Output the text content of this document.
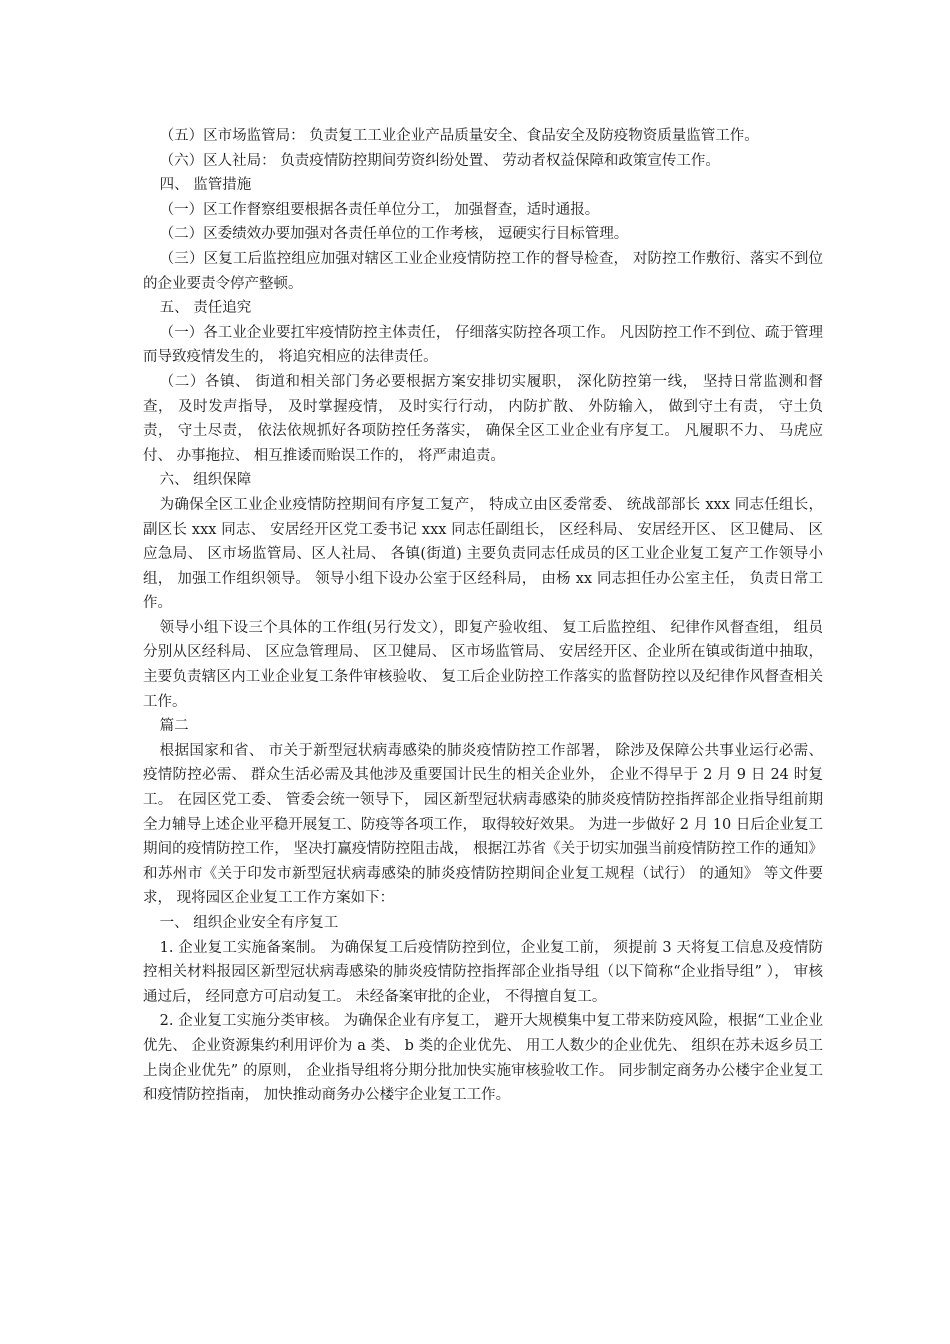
（五）区市场监管局： 负责复工工业企业产品质量安全、食品安全及防疫物资质量监管工作。

（六）区人社局： 负责疫情防控期间劳资纠纷处置、 劳动者权益保障和政策宣传工作。

四、 监管措施

（一）区工作督察组要根据各责任单位分工， 加强督查，适时通报。

（二）区委绩效办要加强对各责任单位的工作考核， 逗硬实行目标管理。

（三）区复工后监控组应加强对辖区工业企业疫情防控工作的督导检查， 对防控工作敷衍、落实不到位的企业要责令停产整顿。

五、 责任追究

（一）各工业企业要扛牢疫情防控主体责任， 仔细落实防控各项工作。 凡因防控工作不到位、疏于管理而导致疫情发生的， 将追究相应的法律责任。

（二）各镇、 街道和相关部门务必要根据方案安排切实履职， 深化防控第一线， 坚持日常监测和督查， 及时发声指导， 及时掌握疫情， 及时实行行动， 内防扩散、 外防输入， 做到守土有责， 守土负责， 守土尽责， 依法依规抓好各项防控任务落实， 确保全区工业企业有序复工。 凡履职不力、 马虎应付、 办事拖拉、 相互推诿而贻误工作的， 将严肃追责。

六、 组织保障

为确保全区工业企业疫情防控期间有序复工复产， 特成立由区委常委、 统战部部长 xxx 同志任组长， 副区长 xxx 同志、 安居经开区党工委书记 xxx 同志任副组长， 区经科局、 安居经开区、 区卫健局、 区应急局、 区市场监管局、区人社局、 各镇(街道) 主要负责同志任成员的区工业企业复工复产工作领导小组， 加强工作组织领导。 领导小组下设办公室于区经科局， 由杨 xx 同志担任办公室主任， 负责日常工作。

领导小组下设三个具体的工作组(另行发文），即复产验收组、 复工后监控组、 纪律作风督查组， 组员分别从区经科局、 区应急管理局、 区卫健局、 区市场监管局、 安居经开区、企业所在镇或街道中抽取， 主要负责辖区内工业企业复工条件审核验收、 复工后企业防控工作落实的监督防控以及纪律作风督查相关工作。

篇二

根据国家和省、 市关于新型冠状病毒感染的肺炎疫情防控工作部署， 除涉及保障公共事业运行必需、 疫情防控必需、 群众生活必需及其他涉及重要国计民生的相关企业外， 企业不得早于 2 月 9 日 24 时复工。 在园区党工委、 管委会统一领导下， 园区新型冠状病毒感染的肺炎疫情防控指挥部企业指导组前期全力辅导上述企业平稳开展复工、防疫等各项工作， 取得较好效果。 为进一步做好 2 月 10 日后企业复工期间的疫情防控工作， 坚决打赢疫情防控阻击战， 根据江苏省《关于切实加强当前疫情防控工作的通知》 和苏州市《关于印发市新型冠状病毒感染的肺炎疫情防控期间企业复工规程（试行） 的通知》 等文件要求， 现将园区企业复工工作方案如下：

一、 组织企业安全有序复工

1. 企业复工实施备案制。 为确保复工后疫情防控到位，企业复工前， 须提前 3 天将复工信息及疫情防控相关材料报园区新型冠状病毒感染的肺炎疫情防控指挥部企业指导组（以下简称“企业指导组” ）， 审核通过后， 经同意方可启动复工。 未经备案审批的企业， 不得擅自复工。

2. 企业复工实施分类审核。 为确保企业有序复工， 避开大规模集中复工带来防疫风险，根据“工业企业优先、 企业资源集约利用评价为 a 类、 b 类的企业优先、 用工人数少的企业优先、 组织在苏未返乡员工上岗企业优先” 的原则， 企业指导组将分期分批加快实施审核验收工作。 同步制定商务办公楼宇企业复工和疫情防控指南， 加快推动商务办公楼宇企业复工工作。
